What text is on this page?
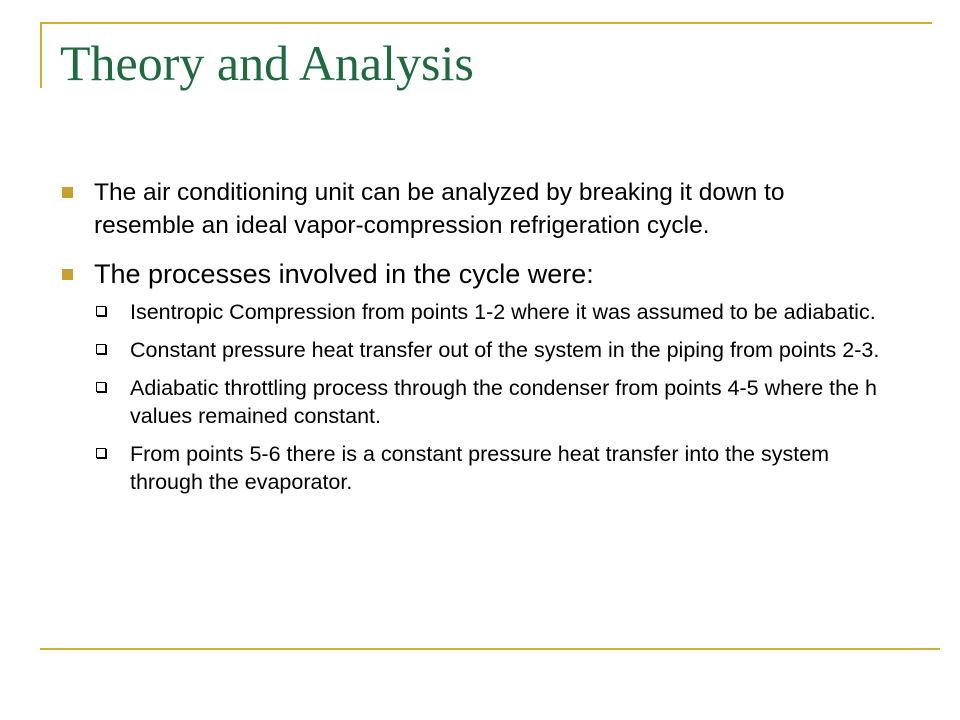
Theory and Analysis
The air conditioning unit can be analyzed by breaking it down to resemble an ideal vapor-compression refrigeration cycle.
The processes involved in the cycle were:
Isentropic Compression from points 1-2 where it was assumed to be adiabatic.
Constant pressure heat transfer out of the system in the piping from points 2-3.
Adiabatic throttling process through the condenser from points 4-5 where the h values remained constant.
From points 5-6 there is a constant pressure heat transfer into the system through the evaporator.
